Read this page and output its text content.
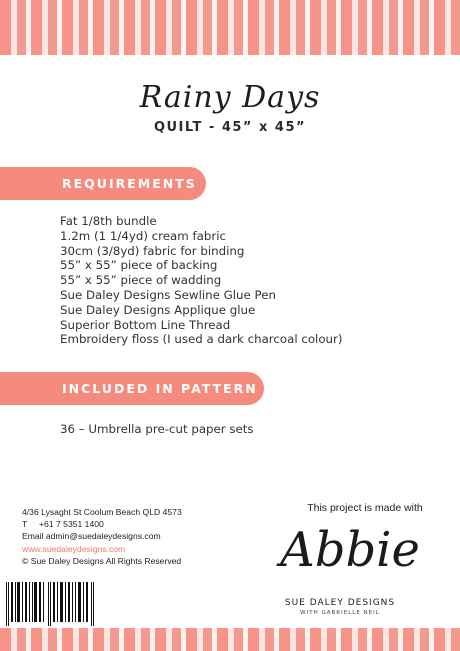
Rainy Days
QUILT - 45” x 45”
REQUIREMENTS
Fat 1/8th bundle
1.2m (1 1/4yd) cream fabric
30cm (3/8yd) fabric for binding
55” x 55” piece of backing
55” x 55” piece of wadding
Sue Daley Designs Sewline Glue Pen
Sue Daley Designs Applique glue
Superior Bottom Line Thread
Embroidery floss (I used a dark charcoal colour)
INCLUDED IN PATTERN
36 – Umbrella pre-cut paper sets
4/36 Lysaght St Coolum Beach QLD 4573
T     +61 7 5351 1400
Email admin@suedaleydesigns.com
www.suedaleydesigns.com
© Sue Daley Designs All Rights Reserved
This project is made with
Abbie
SUE DALEY DESIGNS
WITH GABRIELLE NEIL
